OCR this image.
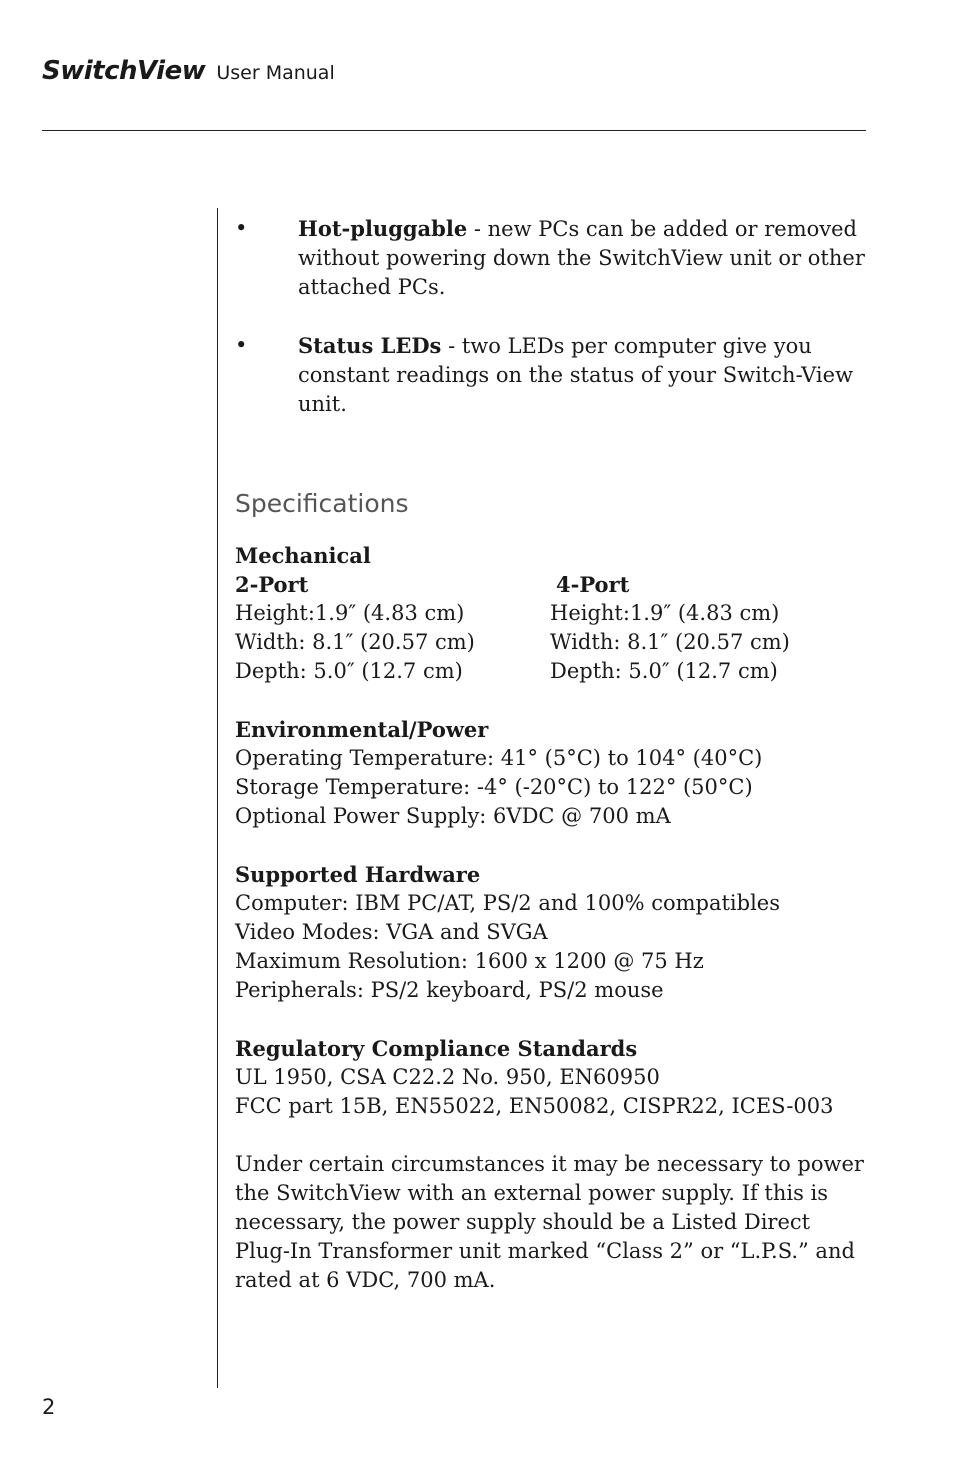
SwitchView User Manual
• Hot-pluggable - new PCs can be added or removed without powering down the SwitchView unit or other attached PCs.
• Status LEDs - two LEDs per computer give you constant readings on the status of your Switch-View unit.
Specifications
Mechanical
2-Port
Height:1.9″ (4.83 cm)
Width: 8.1″ (20.57 cm)
Depth: 5.0″ (12.7 cm)
4-Port
Height:1.9″ (4.83 cm)
Width: 8.1″ (20.57 cm)
Depth: 5.0″ (12.7 cm)
Environmental/Power
Operating Temperature: 41° (5°C) to 104° (40°C)
Storage Temperature: -4° (-20°C) to 122° (50°C)
Optional Power Supply: 6VDC @ 700 mA
Supported Hardware
Computer: IBM PC/AT, PS/2 and 100% compatibles
Video Modes: VGA and SVGA
Maximum Resolution: 1600 x 1200 @ 75 Hz
Peripherals: PS/2 keyboard, PS/2 mouse
Regulatory Compliance Standards
UL 1950, CSA C22.2 No. 950, EN60950
FCC part 15B, EN55022, EN50082, CISPR22, ICES-003
Under certain circumstances it may be necessary to power the SwitchView with an external power supply. If this is necessary, the power supply should be a Listed Direct Plug-In Transformer unit marked “Class 2” or “L.P.S.” and rated at 6 VDC, 700 mA.
2
